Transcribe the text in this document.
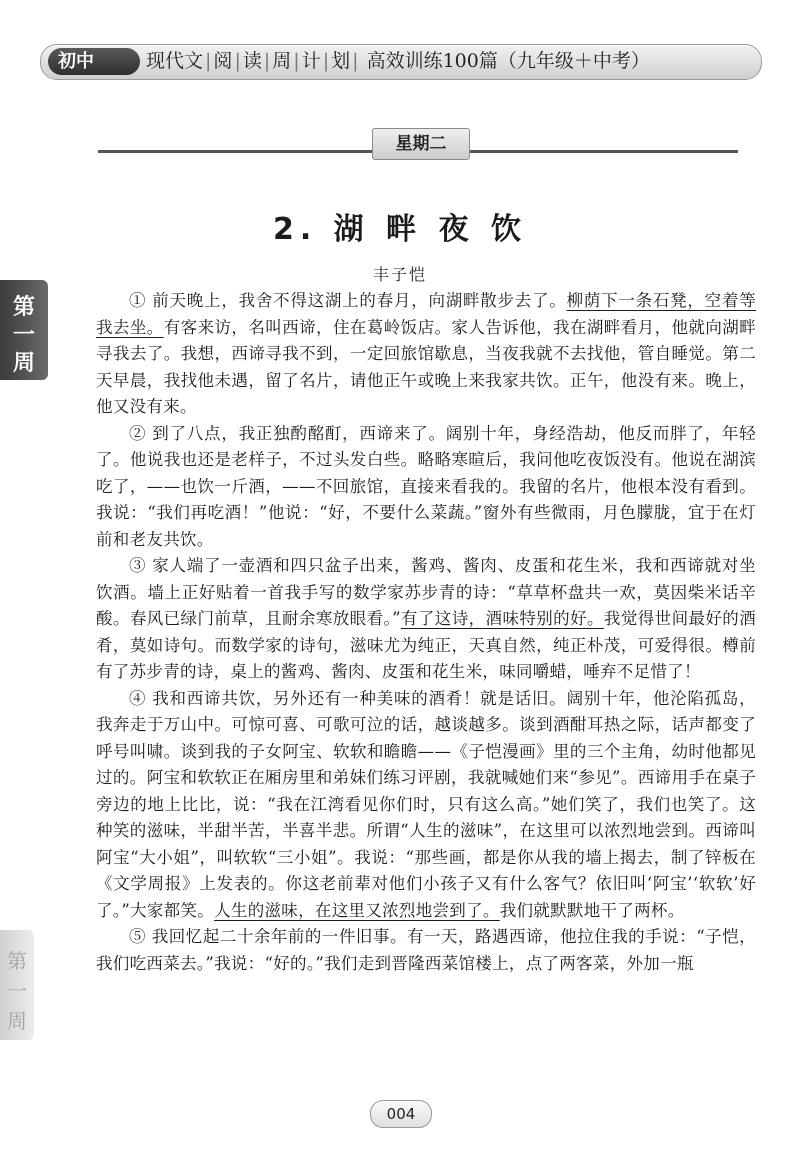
初中	现代文 | 阅 | 读 | 周 | 计 | 划 | 高效训练100篇（九年级＋中考）
第
一
周
第
一
周
星期二
2. 湖 畔 夜 饮
丰子恺

① 前天晚上，我舍不得这湖上的春月，向湖畔散步去了。柳荫下一条石凳，空着等我去坐。有客来访，名叫西谛，住在葛岭饭店。家人告诉他，我在湖畔看月，他就向湖畔寻我去了。我想，西谛寻我不到，一定回旅馆歇息，当夜我就不去找他，管自睡觉。第二天早晨，我找他未遇，留了名片，请他正午或晚上来我家共饮。正午，他没有来。晚上，他又没有来。

② 到了八点，我正独酌酩酊，西谛来了。阔别十年，身经浩劫，他反而胖了，年轻了。他说我也还是老样子，不过头发白些。略略寒暄后，我问他吃夜饭没有。他说在湖滨吃了，——也饮一斤酒，——不回旅馆，直接来看我的。我留的名片，他根本没有看到。我说：“我们再吃酒！”他说：“好，不要什么菜蔬。”窗外有些微雨，月色朦胧，宜于在灯前和老友共饮。

③ 家人端了一壶酒和四只盆子出来，酱鸡、酱肉、皮蛋和花生米，我和西谛就对坐饮酒。墙上正好贴着一首我手写的数学家苏步青的诗：“草草杯盘共一欢，莫因柴米话辛酸。春风已绿门前草，且耐余寒放眼看。”有了这诗，酒味特别的好。我觉得世间最好的酒肴，莫如诗句。而数学家的诗句，滋味尤为纯正，天真自然，纯正朴茂，可爱得很。樽前有了苏步青的诗，桌上的酱鸡、酱肉、皮蛋和花生米，味同嚼蜡，唾弃不足惜了！

④ 我和西谛共饮，另外还有一种美味的酒肴！就是话旧。阔别十年，他沦陷孤岛，我奔走于万山中。可惊可喜、可歌可泣的话，越谈越多。谈到酒酣耳热之际，话声都变了呼号叫啸。谈到我的子女阿宝、软软和瞻瞻——《子恺漫画》里的三个主角，幼时他都见过的。阿宝和软软正在厢房里和弟妹们练习评剧，我就喊她们来“参见”。西谛用手在桌子旁边的地上比比，说：“我在江湾看见你们时，只有这么高。”她们笑了，我们也笑了。这种笑的滋味，半甜半苦，半喜半悲。所谓“人生的滋味”，在这里可以浓烈地尝到。西谛叫阿宝“大小姐”，叫软软“三小姐”。我说：“那些画，都是你从我的墙上揭去，制了锌板在《文学周报》上发表的。你这老前辈对他们小孩子又有什么客气？依旧叫‘阿宝’‘软软’好了。”大家都笑。人生的滋味，在这里又浓烈地尝到了。我们就默默地干了两杯。

⑤ 我回忆起二十余年前的一件旧事。有一天，路遇西谛，他拉住我的手说：“子恺，我们吃西菜去。”我说：“好的。”我们走到晋隆西菜馆楼上，点了两客菜，外加一瓶

004
